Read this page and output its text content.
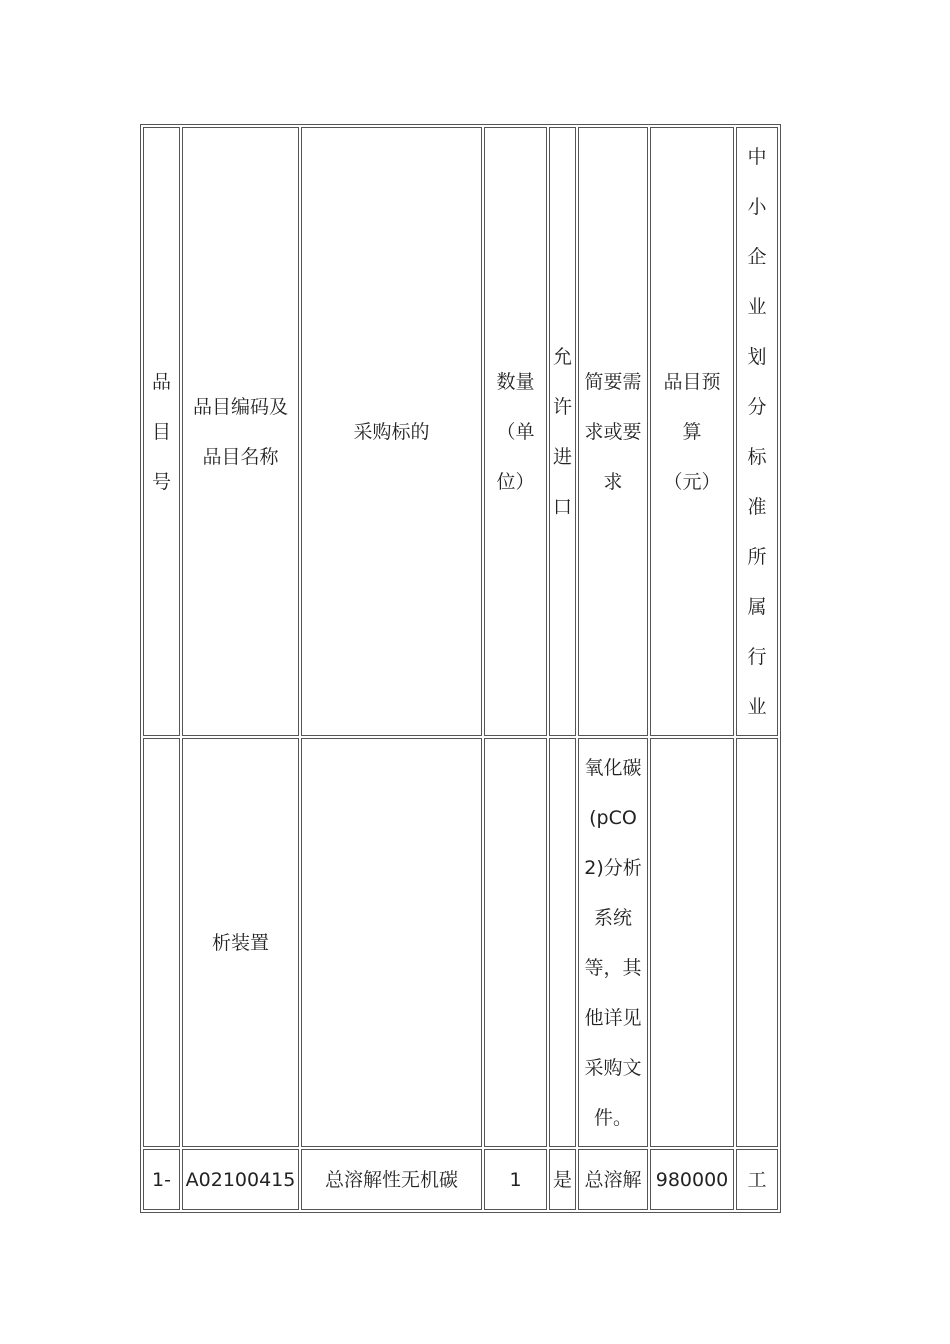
品目号	品目编码及品目名称	采购标的	数量（单位）	允许进口	简要需求或要求	品目预算（元）	中小企业划分标准所属行业

	析装置				氧化碳(pCO2)分析系统等，其他详见采购文件。		

1-	A02100415	总溶解性无机碳	1	是	总溶解	980000	工
